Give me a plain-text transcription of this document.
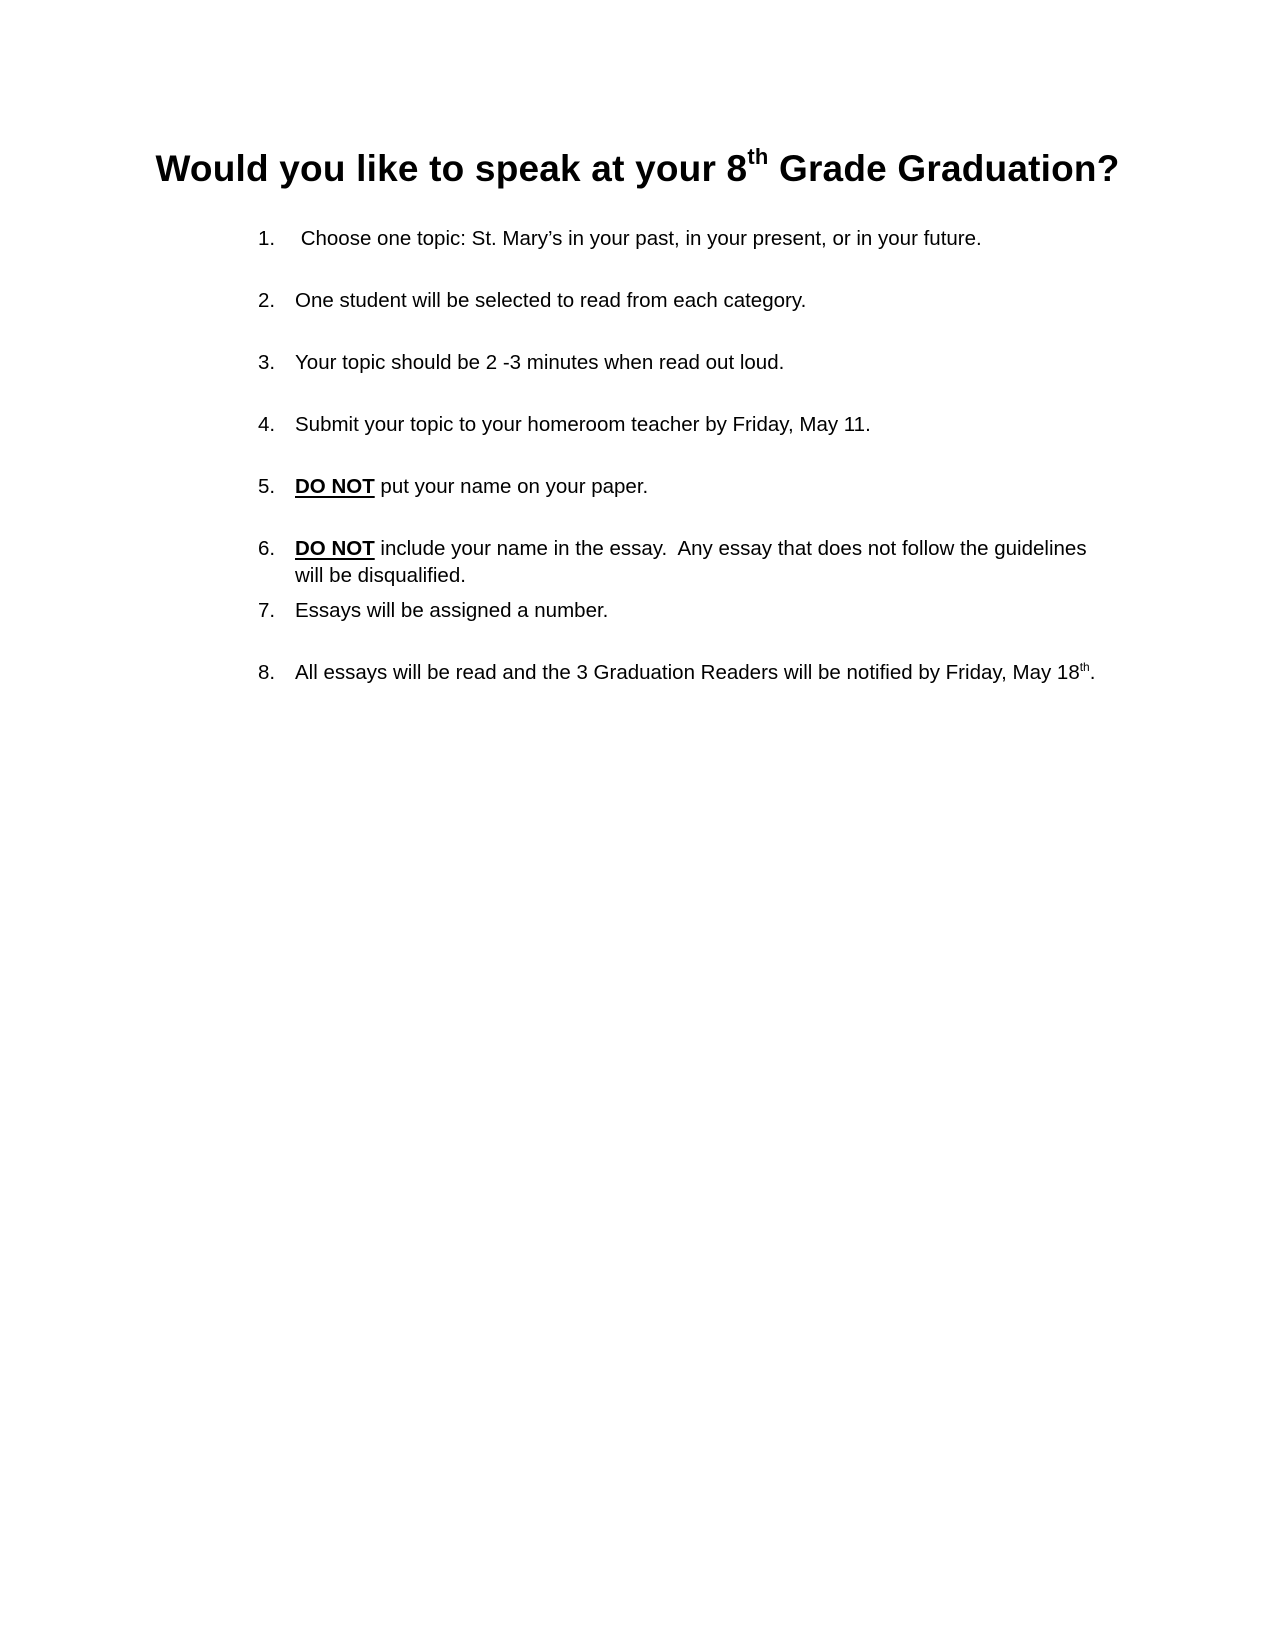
Would you like to speak at your 8th Grade Graduation?
1. Choose one topic: St. Mary’s in your past, in your present, or in your future.
2. One student will be selected to read from each category.
3. Your topic should be 2 -3 minutes when read out loud.
4. Submit your topic to your homeroom teacher by Friday, May 11.
5. DO NOT put your name on your paper.
6. DO NOT include your name in the essay.  Any essay that does not follow the guidelines will be disqualified.
7. Essays will be assigned a number.
8. All essays will be read and the 3 Graduation Readers will be notified by Friday, May 18th.
